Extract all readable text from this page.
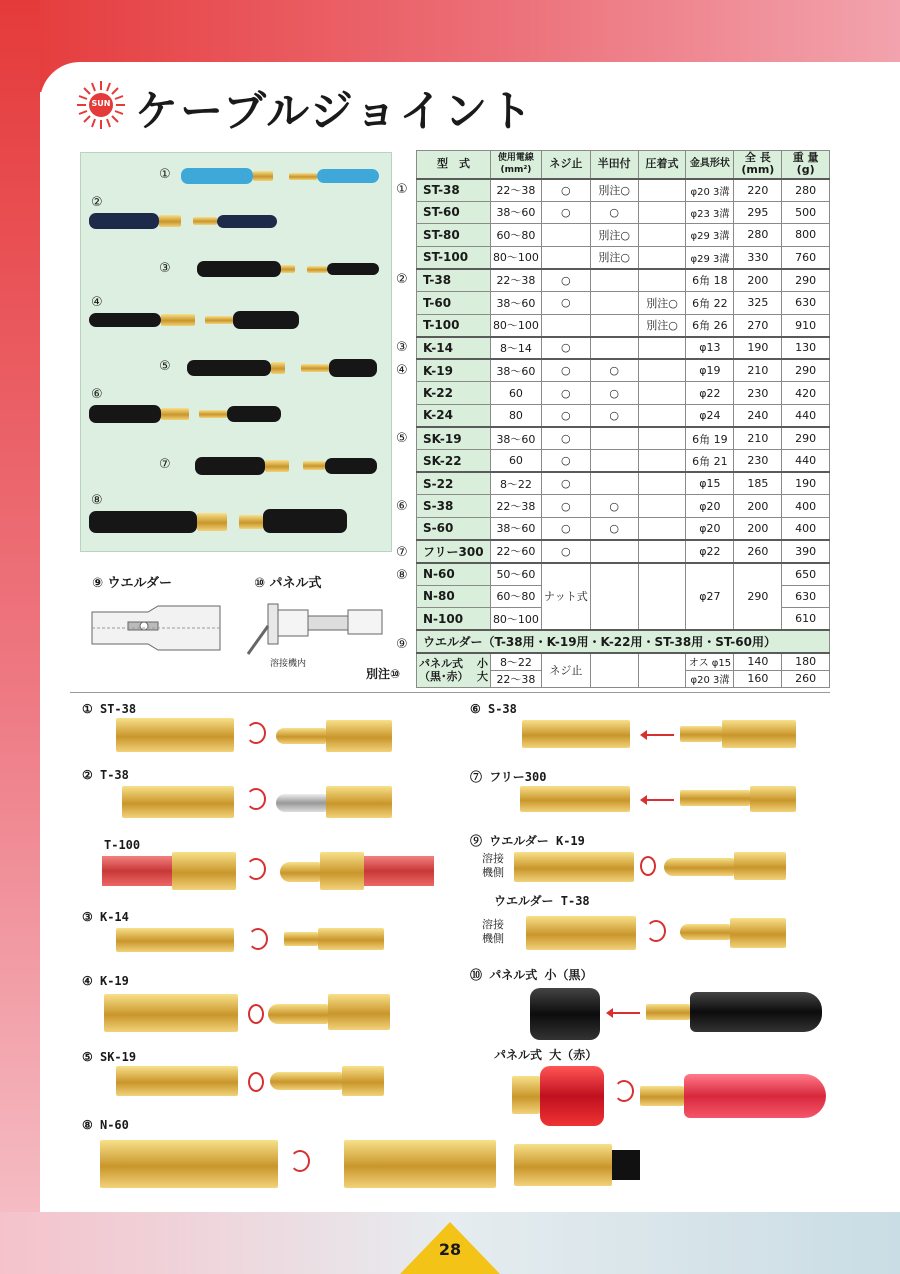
SUN ケーブルジョイント
①
②
③
④
⑤
⑥
⑦
⑧
型　式	使用電線(mm²)	ネジ止	半田付	圧着式	金具形状	全 長(mm)	重 量(g)
ST-38	22～38	○	別注○		φ20 3溝	220	280
ST-60	38～60	○	○		φ23 3溝	295	500
ST-80	60～80		別注○		φ29 3溝	280	800
ST-100	80～100		別注○		φ29 3溝	330	760
T-38	22～38	○			6角 18	200	290
T-60	38～60	○		別注○	6角 22	325	630
T-100	80～100			別注○	6角 26	270	910
K-14	8～14	○			φ13	190	130
K-19	38～60	○	○		φ19	210	290
K-22	60	○	○		φ22	230	420
K-24	80	○	○		φ24	240	440
SK-19	38～60	○			6角 19	210	290
SK-22	60	○			6角 21	230	440
S-22	8～22	○			φ15	185	190
S-38	22～38	○	○		φ20	200	400
S-60	38～60	○	○		φ20	200	400
フリー300	22～60	○			φ22	260	390
N-60	50～60	ナット式			φ27	290	650
N-80	60～80						630
N-100	80～100						610
ウエルダー（T-38用・K-19用・K-22用・ST-38用・ST-60用）							

パネル式 小
（黒･赤） 大	8～22	ネジ止			オス φ15	140	180
	22～38				φ20 3溝	160	260
①
②
③
④
⑤
⑥
⑦
⑧
⑨
別注⑩
⑨ ウエルダー	⑩ パネル式
溶接機内
① ST-38
② T-38
T-100
③ K-14
④ K-19
⑤ SK-19
⑧ N-60
⑥ S-38
⑦ フリー300
⑨ ウエルダー K-19
溶接機側
ウエルダー T-38
溶接機側
⑩ パネル式 小（黒）
パネル式 大（赤）
28
